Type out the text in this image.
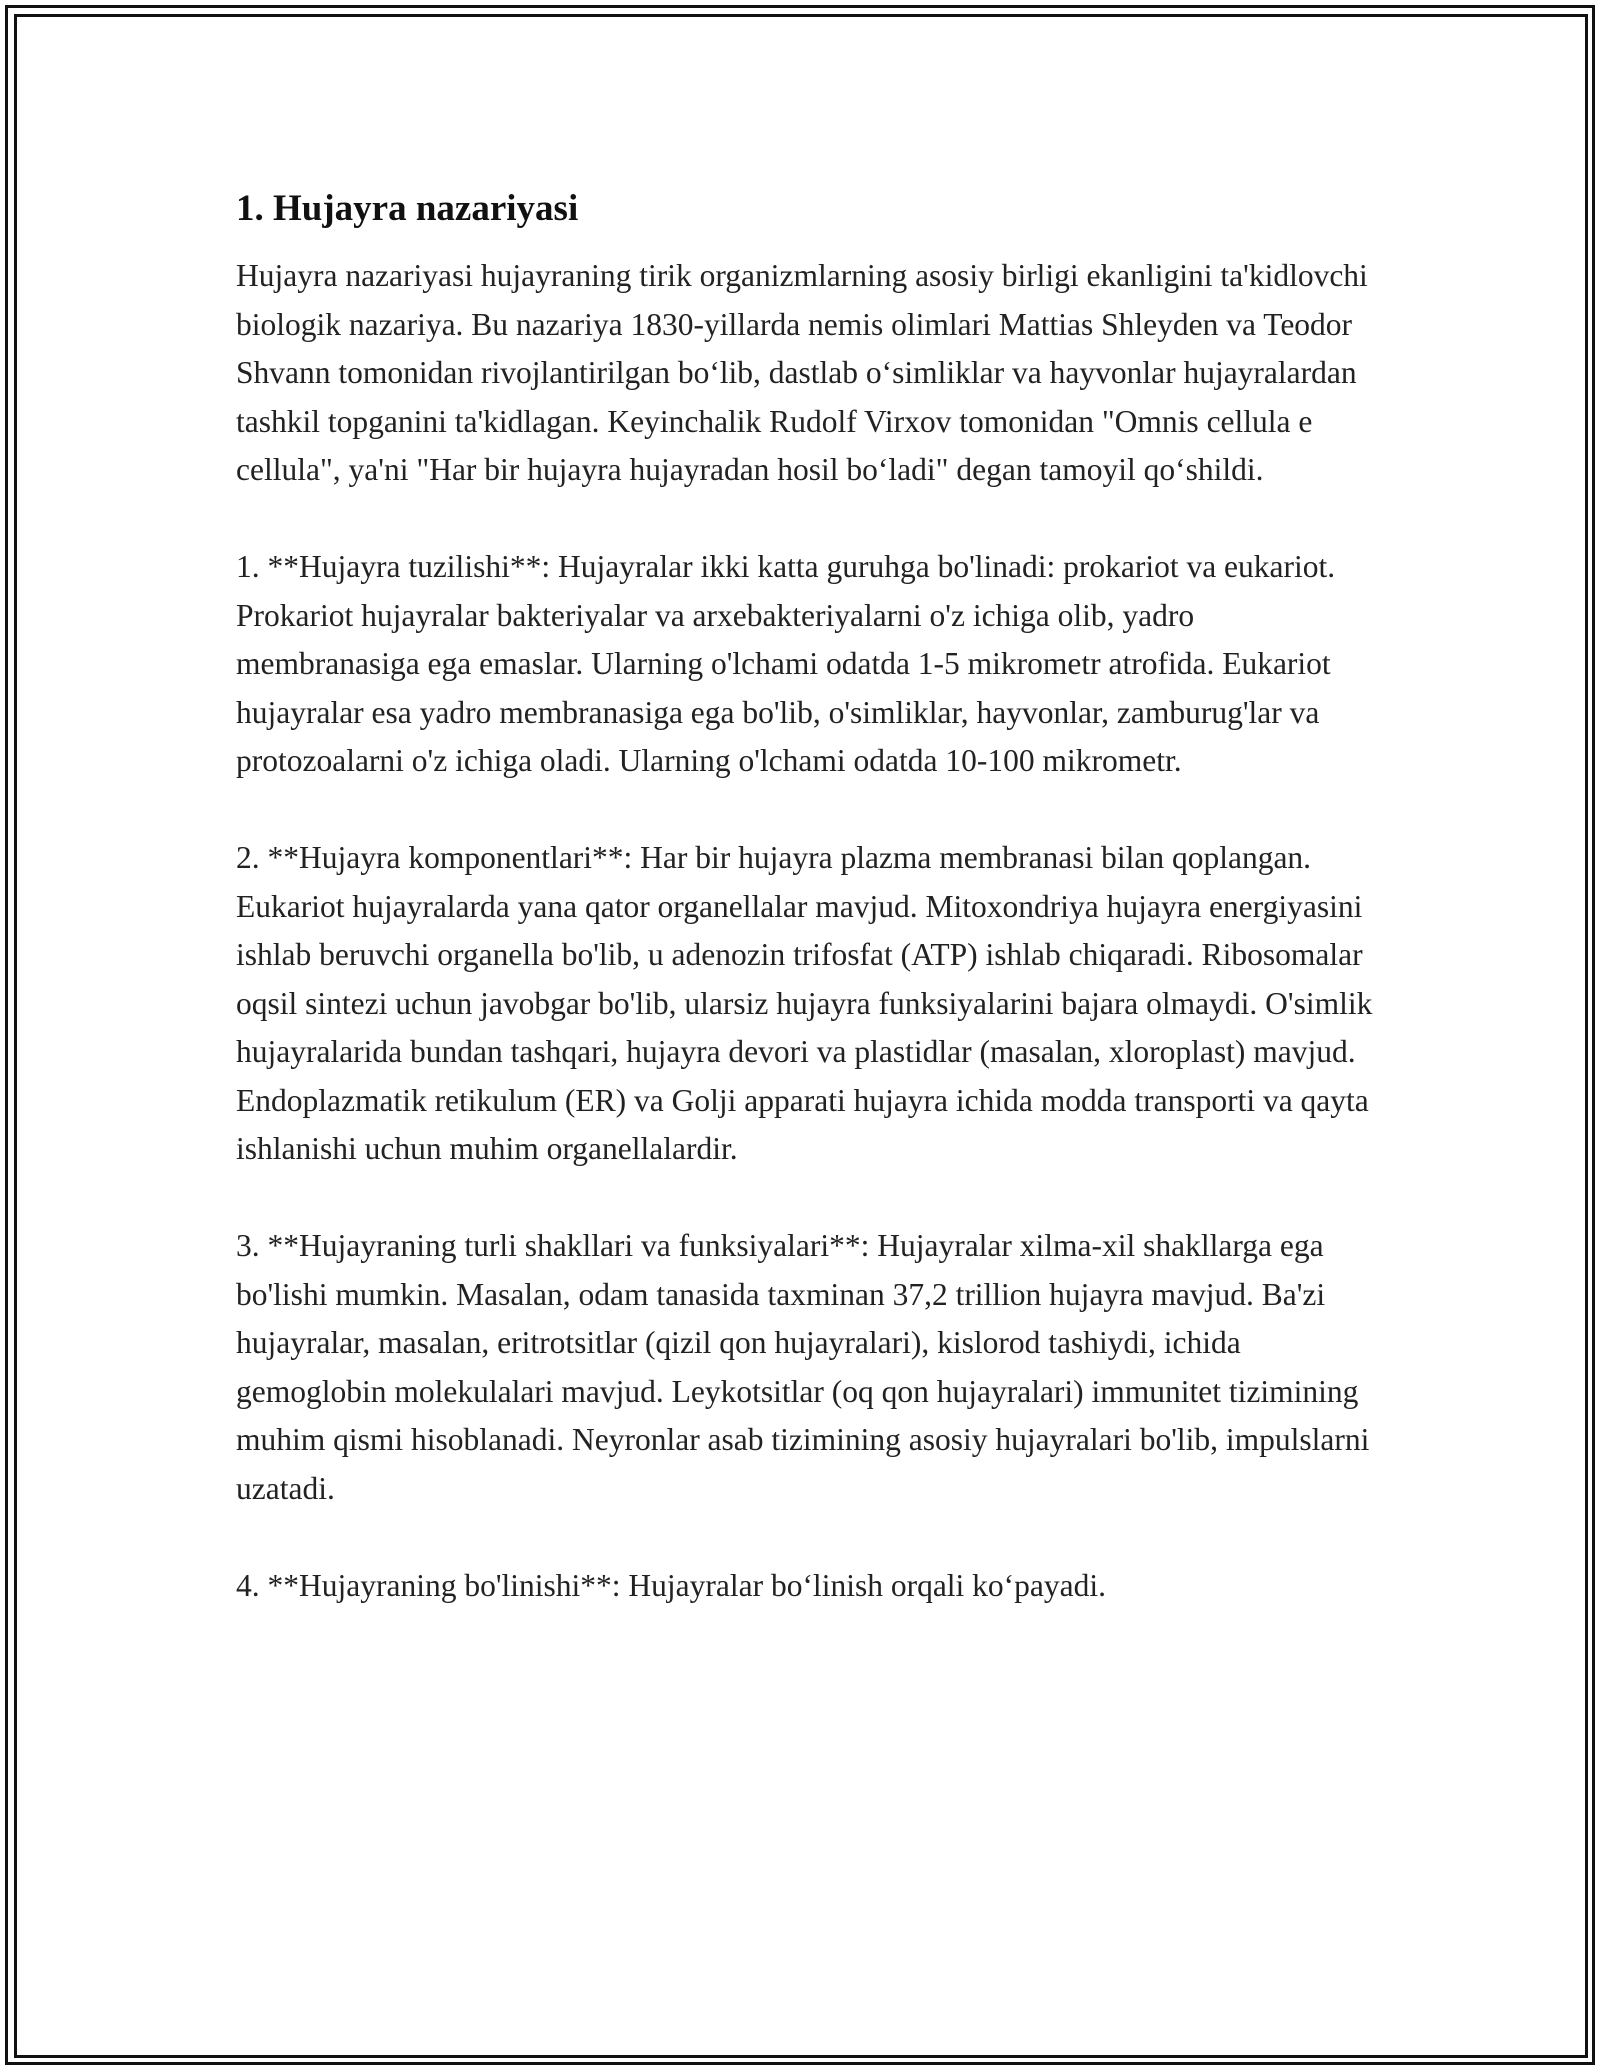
1. Hujayra nazariyasi

Hujayra nazariyasi hujayraning tirik organizmlarning asosiy birligi ekanligini ta'kidlovchi biologik nazariya. Bu nazariya 1830-yillarda nemis olimlari Mattias Shleyden va Teodor Shvann tomonidan rivojlantirilgan bo‘lib, dastlab o‘simliklar va hayvonlar hujayralardan tashkil topganini ta'kidlagan. Keyinchalik Rudolf Virxov tomonidan "Omnis cellula e cellula", ya'ni "Har bir hujayra hujayradan hosil bo‘ladi" degan tamoyil qo‘shildi.

1. **Hujayra tuzilishi**: Hujayralar ikki katta guruhga bo'linadi: prokariot va eukariot. Prokariot hujayralar bakteriyalar va arxebakteriyalarni o'z ichiga olib, yadro membranasiga ega emaslar. Ularning o'lchami odatda 1-5 mikrometr atrofida. Eukariot hujayralar esa yadro membranasiga ega bo'lib, o'simliklar, hayvonlar, zamburug'lar va protozoalarni o'z ichiga oladi. Ularning o'lchami odatda 10-100 mikrometr.

2. **Hujayra komponentlari**: Har bir hujayra plazma membranasi bilan qoplangan. Eukariot hujayralarda yana qator organellalar mavjud. Mitoxondriya hujayra energiyasini ishlab beruvchi organella bo'lib, u adenozin trifosfat (ATP) ishlab chiqaradi. Ribosomalar oqsil sintezi uchun javobgar bo'lib, ularsiz hujayra funksiyalarini bajara olmaydi. O'simlik hujayralarida bundan tashqari, hujayra devori va plastidlar (masalan, xloroplast) mavjud. Endoplazmatik retikulum (ER) va Golji apparati hujayra ichida modda transporti va qayta ishlanishi uchun muhim organellalardir.

3. **Hujayraning turli shakllari va funksiyalari**: Hujayralar xilma-xil shakllarga ega bo'lishi mumkin. Masalan, odam tanasida taxminan 37,2 trillion hujayra mavjud. Ba'zi hujayralar, masalan, eritrotsitlar (qizil qon hujayralari), kislorod tashiydi, ichida gemoglobin molekulalari mavjud. Leykotsitlar (oq qon hujayralari) immunitet tizimining muhim qismi hisoblanadi. Neyronlar asab tizimining asosiy hujayralari bo'lib, impulslarni uzatadi.

4. **Hujayraning bo'linishi**: Hujayralar bo‘linish orqali ko‘payadi.
